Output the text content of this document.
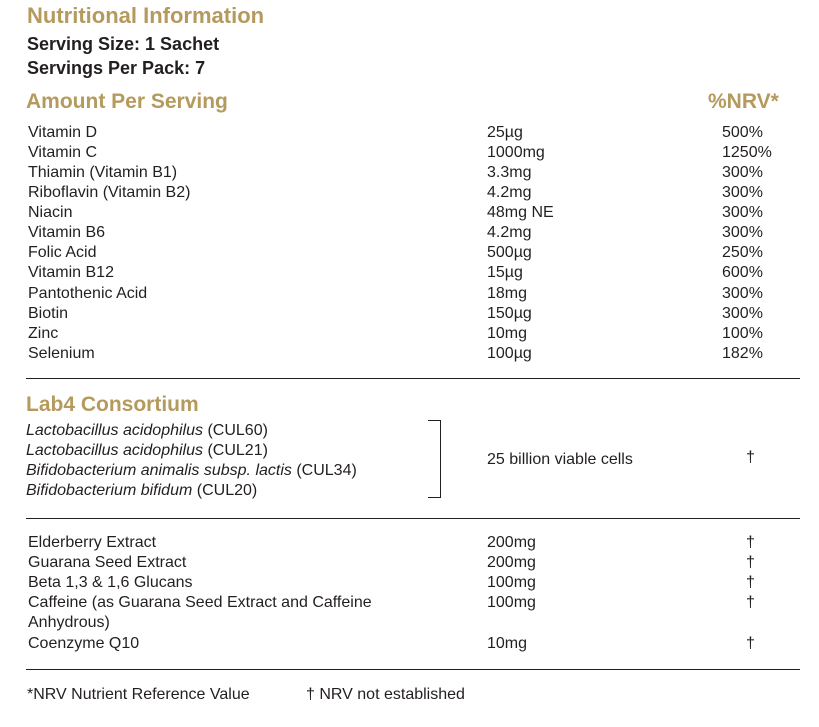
Nutritional Information
Serving Size: 1 Sachet
Servings Per Pack: 7
Amount Per Serving	%NRV*
Vitamin D	25µg	500%
Vitamin C	1000mg	1250%
Thiamin (Vitamin B1)	3.3mg	300%
Riboflavin (Vitamin B2)	4.2mg	300%
Niacin	48mg NE	300%
Vitamin B6	4.2mg	300%
Folic Acid	500µg	250%
Vitamin B12	15µg	600%
Pantothenic Acid	18mg	300%
Biotin	150µg	300%
Zinc	10mg	100%
Selenium	100µg	182%
Lab4 Consortium
Lactobacillus acidophilus (CUL60)
Lactobacillus acidophilus (CUL21)
Bifidobacterium animalis subsp. lactis (CUL34)
Bifidobacterium bifidum (CUL20)
25 billion viable cells	†
Elderberry Extract	200mg	†
Guarana Seed Extract	200mg	†
Beta 1,3 & 1,6 Glucans	100mg	†
Caffeine (as Guarana Seed Extract and Caffeine	100mg	†
Anhydrous)
Coenzyme Q10	10mg	†
*NRV Nutrient Reference Value	† NRV not established
